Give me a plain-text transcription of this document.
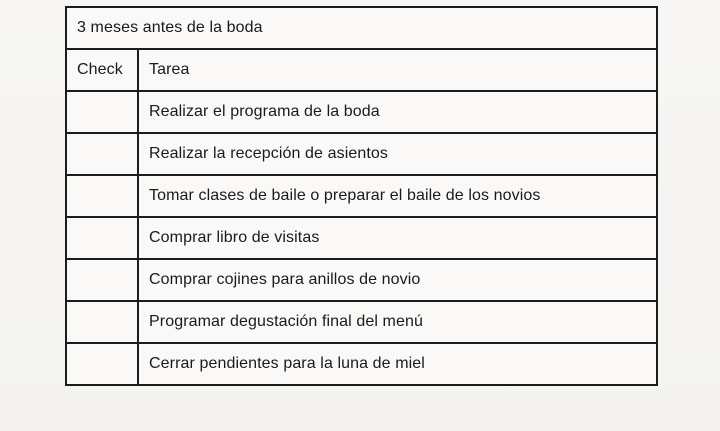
3 meses antes de la boda	
Check	Tarea
	Realizar el programa de la boda
	Realizar la recepción de asientos
	Tomar clases de baile o preparar el baile de los novios
	Comprar libro de visitas
	Comprar cojines para anillos de novio
	Programar degustación final del menú
	Cerrar pendientes para la luna de miel
